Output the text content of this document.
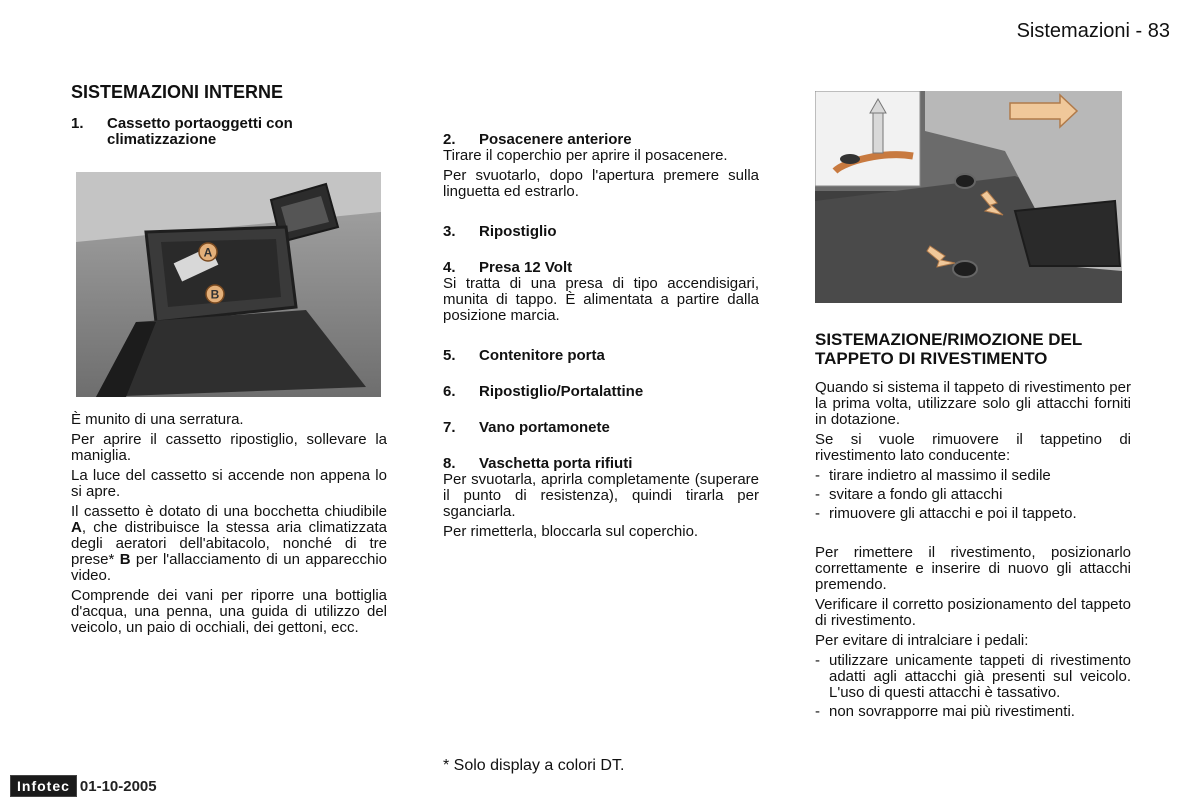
Sistemazioni - 83
SISTEMAZIONI INTERNE
1.	Cassetto portaoggetti con climatizzazione
A
B

È munito di una serratura.

Per aprire il cassetto ripostiglio, sollevare la maniglia.

La luce del cassetto si accende non appena lo si apre.

Il cassetto è dotato di una bocchetta chiudibile A, che distribuisce la stessa aria climatizzata degli aeratori dell'abitacolo, nonché di tre prese* B per l'allacciamento di un apparecchio video.

Comprende dei vani per riporre una bottiglia d'acqua, una penna, una guida di utilizzo del veicolo, un paio di occhiali, dei gettoni, ecc.

2.	Posacenere anteriore

Tirare il coperchio per aprire il posacenere.

Per svuotarlo, dopo l'apertura premere sulla linguetta ed estrarlo.

3.	Ripostiglio
4.	Presa 12 Volt

Si tratta di una presa di tipo accendisigari, munita di tappo. È alimentata a partire dalla posizione marcia.

5.	Contenitore porta
6.	Ripostiglio/Portalattine
7.	Vano portamonete
8.	Vaschetta porta rifiuti

Per svuotarla, aprirla completamente (superare il punto di resistenza), quindi tirarla per sganciarla.

Per rimetterla, bloccarla sul coperchio.

SISTEMAZIONE/RIMOZIONE DEL TAPPETO DI RIVESTIMENTO

Quando si sistema il tappeto di rivestimento per la prima volta, utilizzare solo gli attacchi forniti in dotazione.

Se si vuole rimuovere il tappetino di rivestimento lato conducente:

- tirare indietro al massimo il sedile
- svitare a fondo gli attacchi
- rimuovere gli attacchi e poi il tappeto.

Per rimettere il rivestimento, posizionarlo correttamente e inserire di nuovo gli attacchi premendo.

Verificare il corretto posizionamento del tappeto di rivestimento.

Per evitare di intralciare i pedali:

- utilizzare unicamente tappeti di rivestimento adatti agli attacchi già presenti sul veicolo. L'uso di questi attacchi è tassativo.
- non sovrapporre mai più rivestimenti.
* Solo display a colori DT.
Infotec 01-10-2005
